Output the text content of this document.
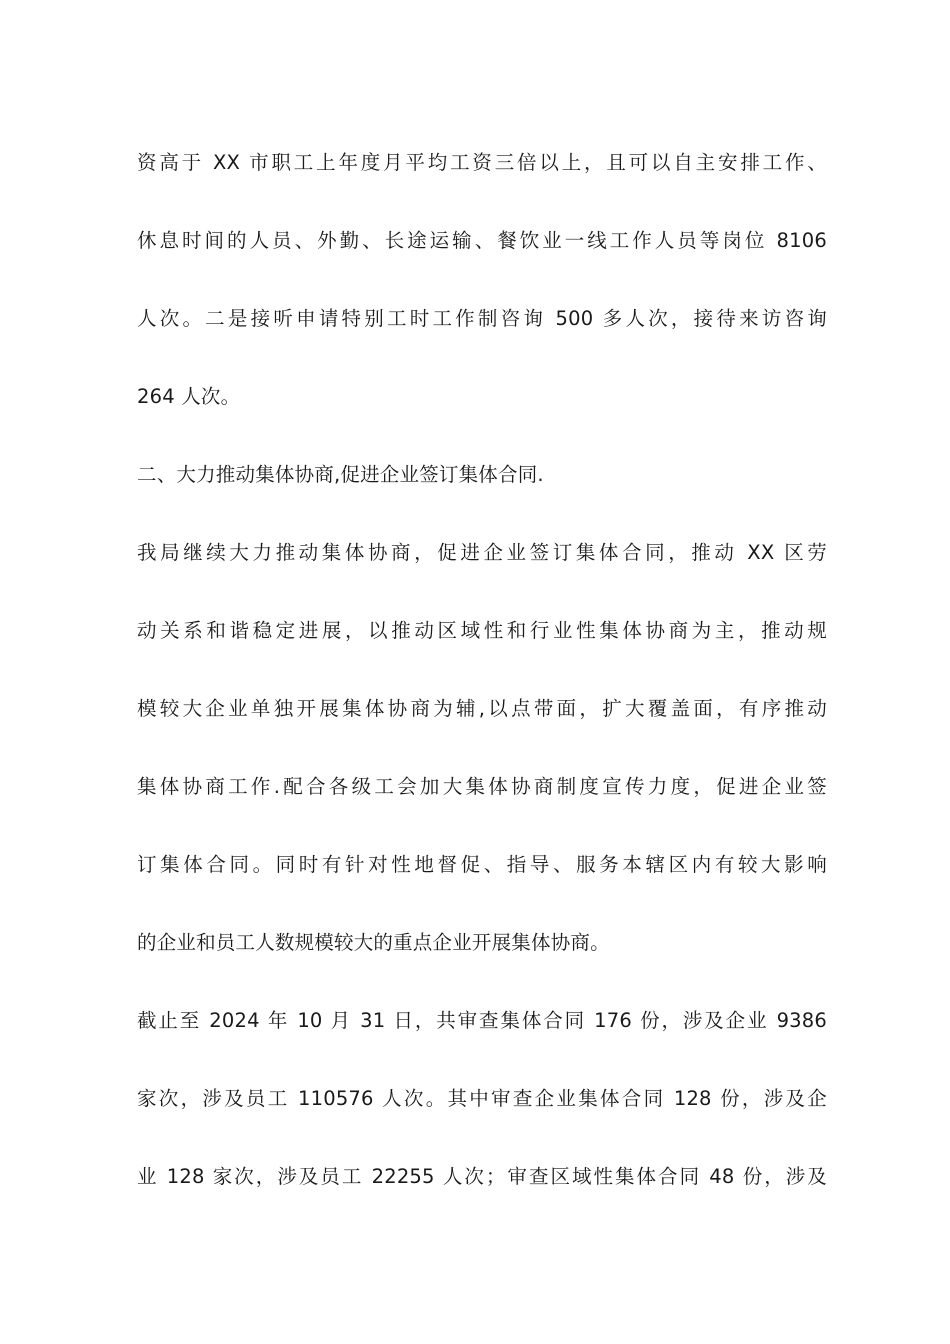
资高于 XX 市职工上年度月平均工资三倍以上，且可以自主安排工作、
休息时间的人员、外勤、长途运输、餐饮业一线工作人员等岗位 8106
人次。二是接听申请特别工时工作制咨询 500 多人次，接待来访咨询
264 人次。
二、大力推动集体协商,促进企业签订集体合同.
我局继续大力推动集体协商，促进企业签订集体合同，推动 XX 区劳
动关系和谐稳定进展，以推动区域性和行业性集体协商为主，推动规
模较大企业单独开展集体协商为辅,以点带面，扩大覆盖面，有序推动
集体协商工作.配合各级工会加大集体协商制度宣传力度，促进企业签
订集体合同。同时有针对性地督促、指导、服务本辖区内有较大影响
的企业和员工人数规模较大的重点企业开展集体协商。
截止至 2024 年 10 月 31 日，共审查集体合同 176 份，涉及企业 9386
家次，涉及员工 110576 人次。其中审查企业集体合同 128 份，涉及企
业 128 家次，涉及员工 22255 人次；审查区域性集体合同 48 份，涉及
